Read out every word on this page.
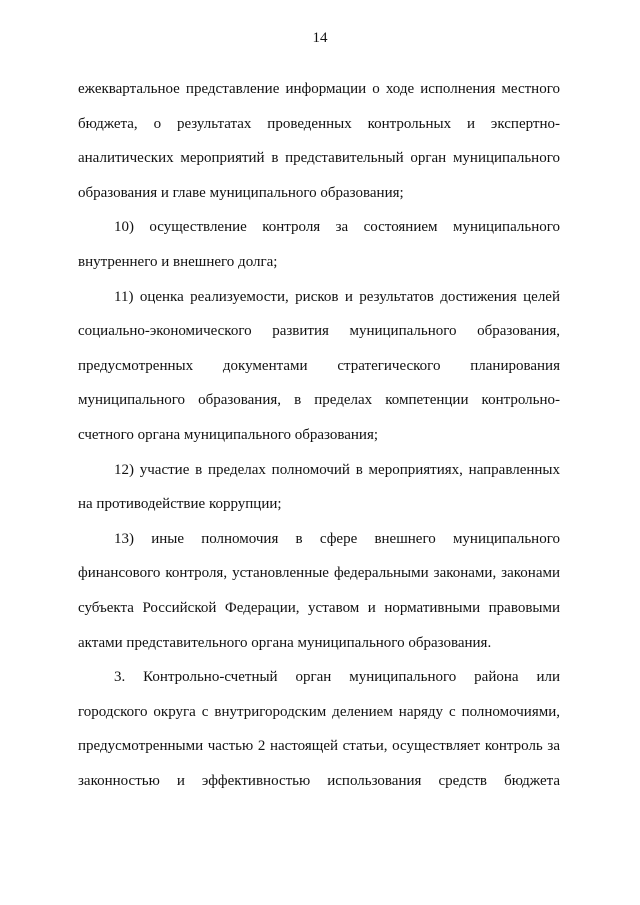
14
ежеквартальное представление информации о ходе исполнения местного
бюджета, о результатах проведенных контрольных и экспертно-
аналитических мероприятий в представительный орган муниципального
образования и главе муниципального образования;
10) осуществление контроля за состоянием муниципального
внутреннего и внешнего долга;
11) оценка реализуемости, рисков и результатов достижения целей
социально-экономического развития муниципального образования,
предусмотренных документами стратегического планирования
муниципального образования, в пределах компетенции контрольно-
счетного органа муниципального образования;
12) участие в пределах полномочий в мероприятиях, направленных
на противодействие коррупции;
13) иные полномочия в сфере внешнего муниципального
финансового контроля, установленные федеральными законами, законами
субъекта Российской Федерации, уставом и нормативными правовыми
актами представительного органа муниципального образования.
3. Контрольно-счетный орган муниципального района или
городского округа с внутригородским делением наряду с полномочиями,
предусмотренными частью 2 настоящей статьи, осуществляет контроль за
законностью и эффективностью использования средств бюджета
